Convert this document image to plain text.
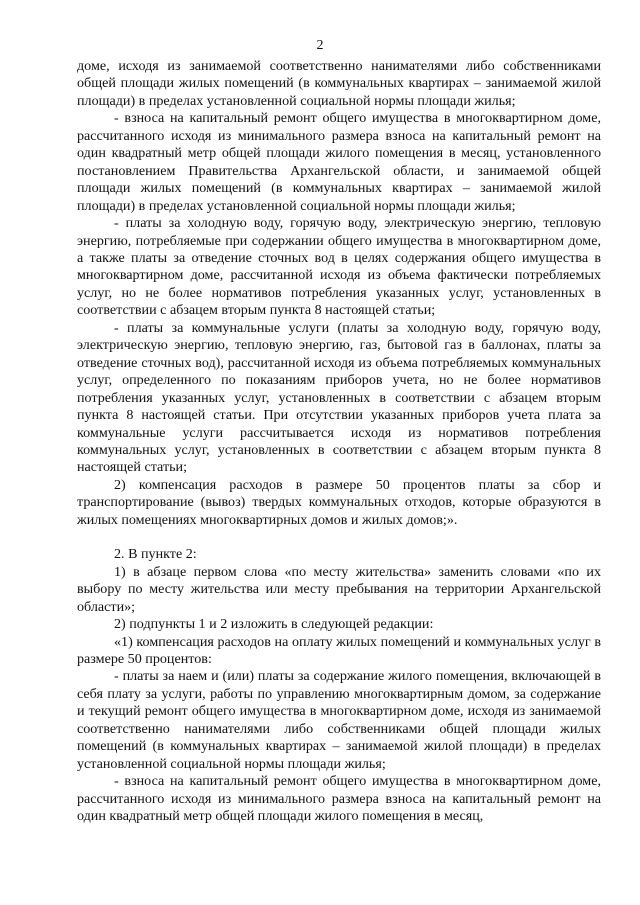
2

доме, исходя из занимаемой соответственно нанимателями либо собственниками общей площади жилых помещений (в коммунальных квартирах – занимаемой жилой площади) в пределах установленной социальной нормы площади жилья;

- взноса на капитальный ремонт общего имущества в многоквартирном доме, рассчитанного исходя из минимального размера взноса на капитальный ремонт на один квадратный метр общей площади жилого помещения в месяц, установленного постановлением Правительства Архангельской области, и занимаемой общей площади жилых помещений (в коммунальных квартирах – занимаемой жилой площади) в пределах установленной социальной нормы площади жилья;

- платы за холодную воду, горячую воду, электрическую энергию, тепловую энергию, потребляемые при содержании общего имущества в многоквартирном доме, а также платы за отведение сточных вод в целях содержания общего имущества в многоквартирном доме, рассчитанной исходя из объема фактически потребляемых услуг, но не более нормативов потребления указанных услуг, установленных в соответствии с абзацем вторым пункта 8 настоящей статьи;

- платы за коммунальные услуги (платы за холодную воду, горячую воду, электрическую энергию, тепловую энергию, газ, бытовой газ в баллонах, платы за отведение сточных вод), рассчитанной исходя из объема потребляемых коммунальных услуг, определенного по показаниям приборов учета, но не более нормативов потребления указанных услуг, установленных в соответствии с абзацем вторым пункта 8 настоящей статьи. При отсутствии указанных приборов учета плата за коммунальные услуги рассчитывается исходя из нормативов потребления коммунальных услуг, установленных в соответствии с абзацем вторым пункта 8 настоящей статьи;

2) компенсация расходов в размере 50 процентов платы за сбор и транспортирование (вывоз) твердых коммунальных отходов, которые образуются в жилых помещениях многоквартирных домов и жилых домов;».

2. В пункте 2:

1) в абзаце первом слова «по месту жительства» заменить словами «по их выбору по месту жительства или месту пребывания на территории Архангельской области»;

2) подпункты 1 и 2 изложить в следующей редакции:

«1) компенсация расходов на оплату жилых помещений и коммунальных услуг в размере 50 процентов:

- платы за наем и (или) платы за содержание жилого помещения, включающей в себя плату за услуги, работы по управлению многоквартирным домом, за содержание и текущий ремонт общего имущества в многоквартирном доме, исходя из занимаемой соответственно нанимателями либо собственниками общей площади жилых помещений (в коммунальных квартирах – занимаемой жилой площади) в пределах установленной социальной нормы площади жилья;

- взноса на капитальный ремонт общего имущества в многоквартирном доме, рассчитанного исходя из минимального размера взноса на капитальный ремонт на один квадратный метр общей площади жилого помещения в месяц,
